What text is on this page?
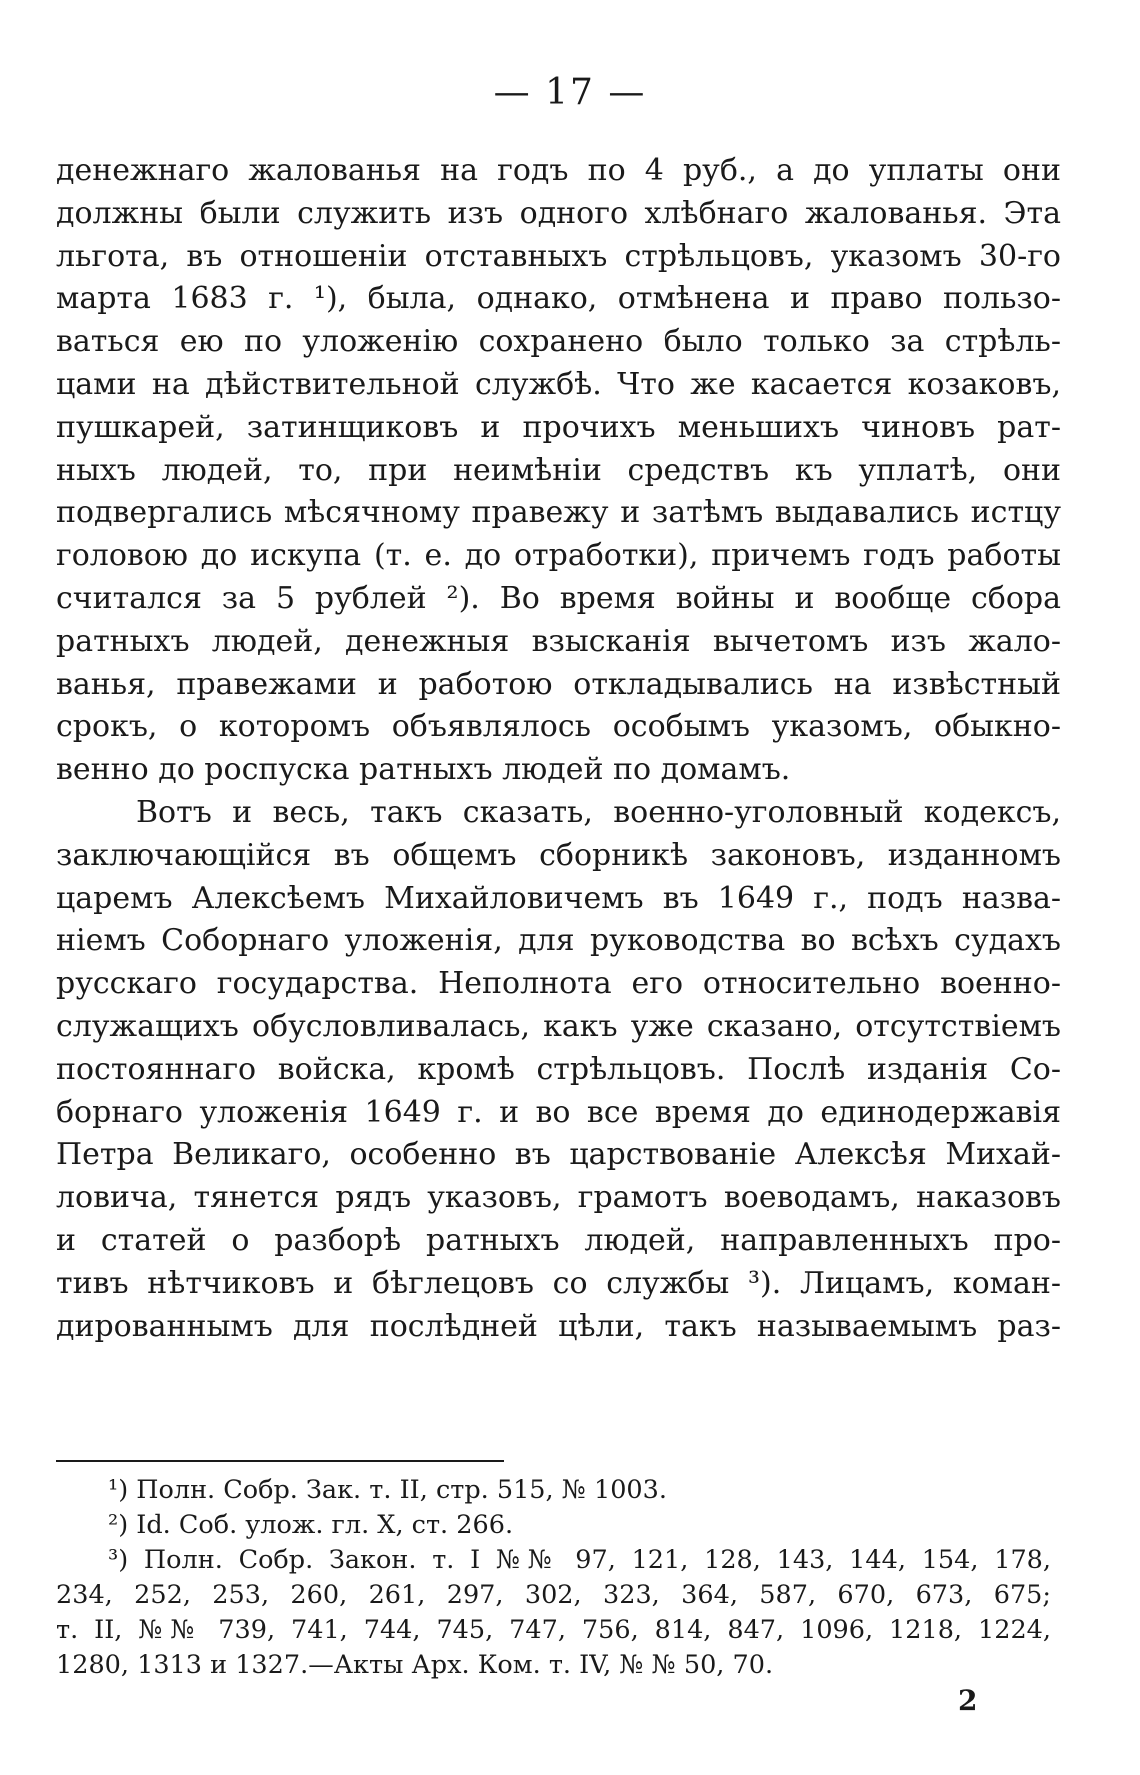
— 17 —
денежнаго жалованья на годъ по 4 руб., а до уплаты они
должны были служить изъ одного хлѣбнаго жалованья. Эта
льгота, въ отношеніи отставныхъ стрѣльцовъ, указомъ 30-го
марта 1683 г. ¹), была, однако, отмѣнена и право пользо-
ваться ею по уложенію сохранено было только за стрѣль-
цами на дѣйствительной службѣ. Что же касается козаковъ,
пушкарей, затинщиковъ и прочихъ меньшихъ чиновъ рат-
ныхъ людей, то, при неимѣніи средствъ къ уплатѣ, они
подвергались мѣсячному правежу и затѣмъ выдавались истцу
головою до искупа (т. е. до отработки), причемъ годъ работы
считался за 5 рублей ²). Во время войны и вообще сбора
ратныхъ людей, денежныя взысканія вычетомъ изъ жало-
ванья, правежами и работою откладывались на извѣстный
срокъ, о которомъ объявлялось особымъ указомъ, обыкно-
венно до роспуска ратныхъ людей по домамъ.
Вотъ и весь, такъ сказать, военно-уголовный кодексъ,
заключающійся въ общемъ сборникѣ законовъ, изданномъ
царемъ Алексѣемъ Михайловичемъ въ 1649 г., подъ назва-
ніемъ Соборнаго уложенія, для руководства во всѣхъ судахъ
русскаго государства. Неполнота его относительно военно-
служащихъ обусловливалась, какъ уже сказано, отсутствіемъ
постояннаго войска, кромѣ стрѣльцовъ. Послѣ изданія Со-
борнаго уложенія 1649 г. и во все время до единодержавія
Петра Великаго, особенно въ царствованіе Алексѣя Михай-
ловича, тянется рядъ указовъ, грамотъ воеводамъ, наказовъ
и статей о разборѣ ратныхъ людей, направленныхъ про-
тивъ нѣтчиковъ и бѣглецовъ со службы ³). Лицамъ, коман-
дированнымъ для послѣдней цѣли, такъ называемымъ раз-
¹) Полн. Собр. Зак. т. II, стр. 515, № 1003.
²) Id. Соб. улож. гл. X, ст. 266.
³) Полн. Собр. Закон. т. I №№ 97, 121, 128, 143, 144, 154, 178,
234, 252, 253, 260, 261, 297, 302, 323, 364, 587, 670, 673, 675;
т. II, №№ 739, 741, 744, 745, 747, 756, 814, 847, 1096, 1218, 1224,
1280, 1313 и 1327.—Акты Арх. Ком. т. IV, № № 50, 70.
2
